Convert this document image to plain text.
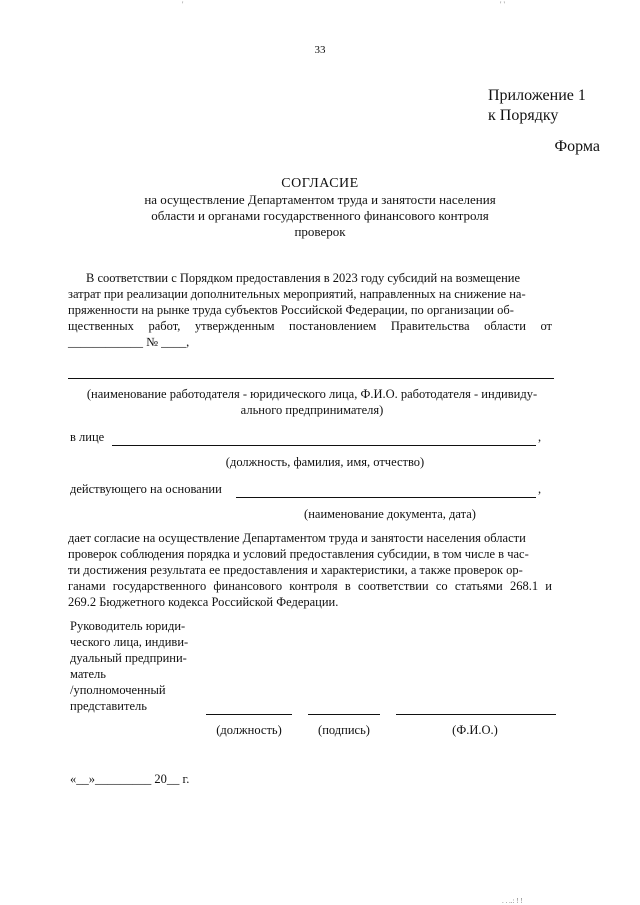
'	' '
33
Приложение 1
к Порядку
Форма
СОГЛАСИЕ
на осуществление Департаментом труда и занятости населения
области и органами государственного финансового контроля
проверок
В соответствии с Порядком предоставления в 2023 году субсидий на возмещение
затрат при реализации дополнительных мероприятий, направленных на снижение на-
пряженности на рынке труда субъектов Российской Федерации, по организации об-
щественных работ, утвержденным постановлением Правительства области от
____________ № ____,
(наименование работодателя - юридического лица, Ф.И.О. работодателя - индивиду-
ального предпринимателя)
в лице	,
(должность, фамилия, имя, отчество)
действующего на основании	,
(наименование документа, дата)
дает согласие на осуществление Департаментом труда и занятости населения области
проверок соблюдения порядка и условий предоставления субсидии, в том числе в час-
ти достижения результата ее предоставления и характеристики, а также проверок ор-
ганами государственного финансового контроля в соответствии со статьями 268.1 и
269.2 Бюджетного кодекса Российской Федерации.
Руководитель юриди-
ческого лица, индиви-
дуальный предприни-
матель
/уполномоченный
представитель
(должность)	(подпись)	(Ф.И.О.)
«__»_________ 20__ г.
. . ..: ! !
